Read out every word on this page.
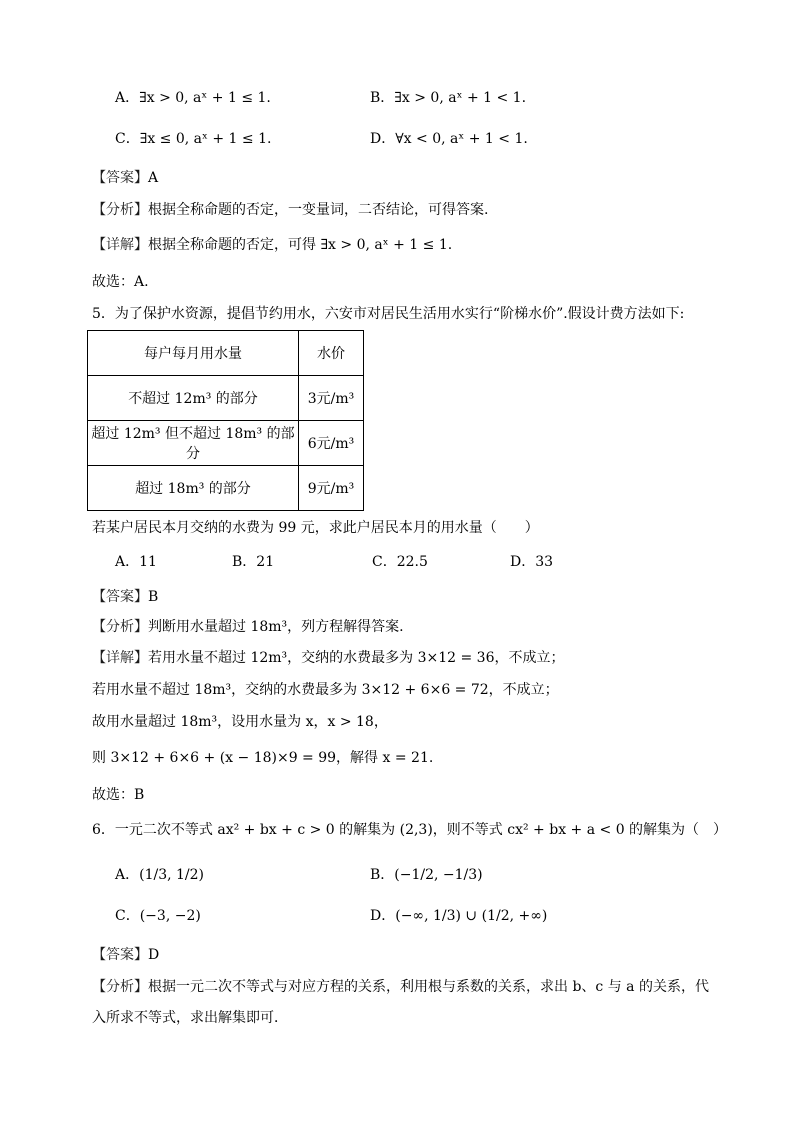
A．∃x > 0, aˣ + 1 ≤ 1.	B．∃x > 0, aˣ + 1 < 1.
C．∃x ≤ 0, aˣ + 1 ≤ 1.	D．∀x < 0, aˣ + 1 < 1.
【答案】A
【分析】根据全称命题的否定，一变量词，二否结论，可得答案.
【详解】根据全称命题的否定，可得 ∃x > 0, aˣ + 1 ≤ 1.
故选：A.
5．为了保护水资源，提倡节约用水，六安市对居民生活用水实行“阶梯水价”.假设计费方法如下:
每户每月用水量	水价
不超过 12m³ 的部分	3元/m³
超过 12m³ 但不超过 18m³ 的部分	6元/m³
超过 18m³ 的部分	9元/m³
若某户居民本月交纳的水费为 99 元，求此户居民本月的用水量（　　）
A．11	B．21	C．22.5	D．33
【答案】B
【分析】判断用水量超过 18m³，列方程解得答案.
【详解】若用水量不超过 12m³，交纳的水费最多为 3×12 = 36，不成立；
若用水量不超过 18m³，交纳的水费最多为 3×12 + 6×6 = 72，不成立；
故用水量超过 18m³，设用水量为 x，x > 18，
则 3×12 + 6×6 + (x − 18)×9 = 99，解得 x = 21.
故选：B
6．一元二次不等式 ax² + bx + c > 0 的解集为 (2,3)，则不等式 cx² + bx + a < 0 的解集为（　）
A．(1/3, 1/2)	B．(−1/2, −1/3)
C．(−3, −2)	D．(−∞, 1/3) ∪ (1/2, +∞)
【答案】D
【分析】根据一元二次不等式与对应方程的关系，利用根与系数的关系，求出 b、c 与 a 的关系，代
入所求不等式，求出解集即可．
